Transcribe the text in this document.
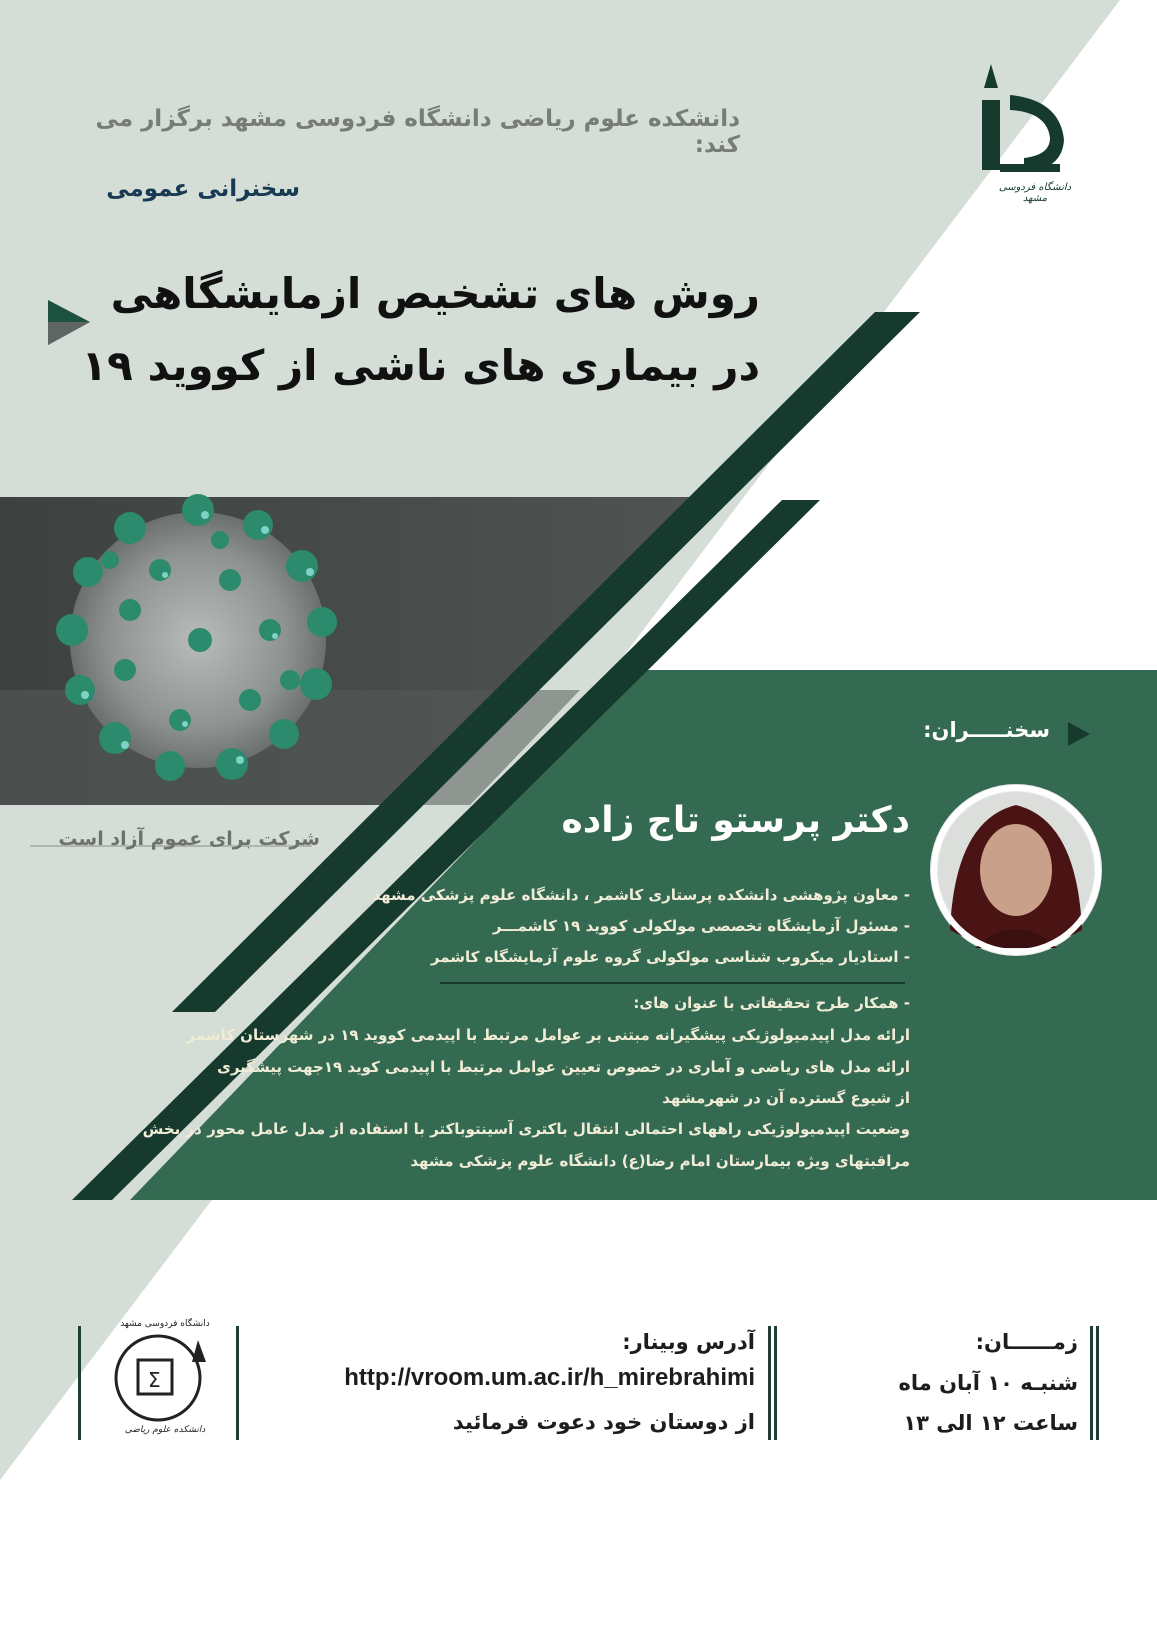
Σ
دانشکده علوم ریاضی دانشگاه فردوسی مشهد برگزار می کند:
سخنرانی عمومی
روش های تشخیص ازمایشگاهی
در بیماری های ناشی از کووید ۱۹
دانشگاه فردوسی مشهد
شرکت برای عموم آزاد است
سخنـــــران:
دکتر پرستو تاج زاده
- معاون پژوهشی دانشکده پرستاری کاشمر ، دانشگاه علوم پزشکی مشهد
- مسئول آزمایشگاه تخصصی مولکولی کووید ۱۹ کاشمـــر
- استادیار میکروب شناسی مولکولی گروه علوم آزمایشگاه کاشمر
- همکار طرح تحقیقاتی با عنوان های:
ارائه مدل اپیدمیولوژیکی پیشگیرانه مبتنی بر عوامل مرتبط با اپیدمی کووید ۱۹ در شهرستان کاشمر
ارائه مدل های ریاضی و آماری در خصوص تعیین عوامل مرتبط با اپیدمی کوید ۱۹جهت پیشگیری
از شیوع گسترده آن در شهرمشهد
وضعیت اپیدمیولوژیکی راههای احتمالی انتقال باکتری آسینتوباکتر با استفاده از مدل عامل محور در بخش
مراقبتهای ویژه بیمارستان امام رضا(ع) دانشگاه علوم پزشکی مشهد
زمــــــان:
شنبـه ۱۰ آبان ماه
ساعت ۱۲ الی ۱۳
آدرس وبینار:
http://vroom.um.ac.ir/h_mirebrahimi
از دوستان خود دعوت فرمائید
دانشگاه فردوسی مشهد
دانشکده علوم ریاضی
